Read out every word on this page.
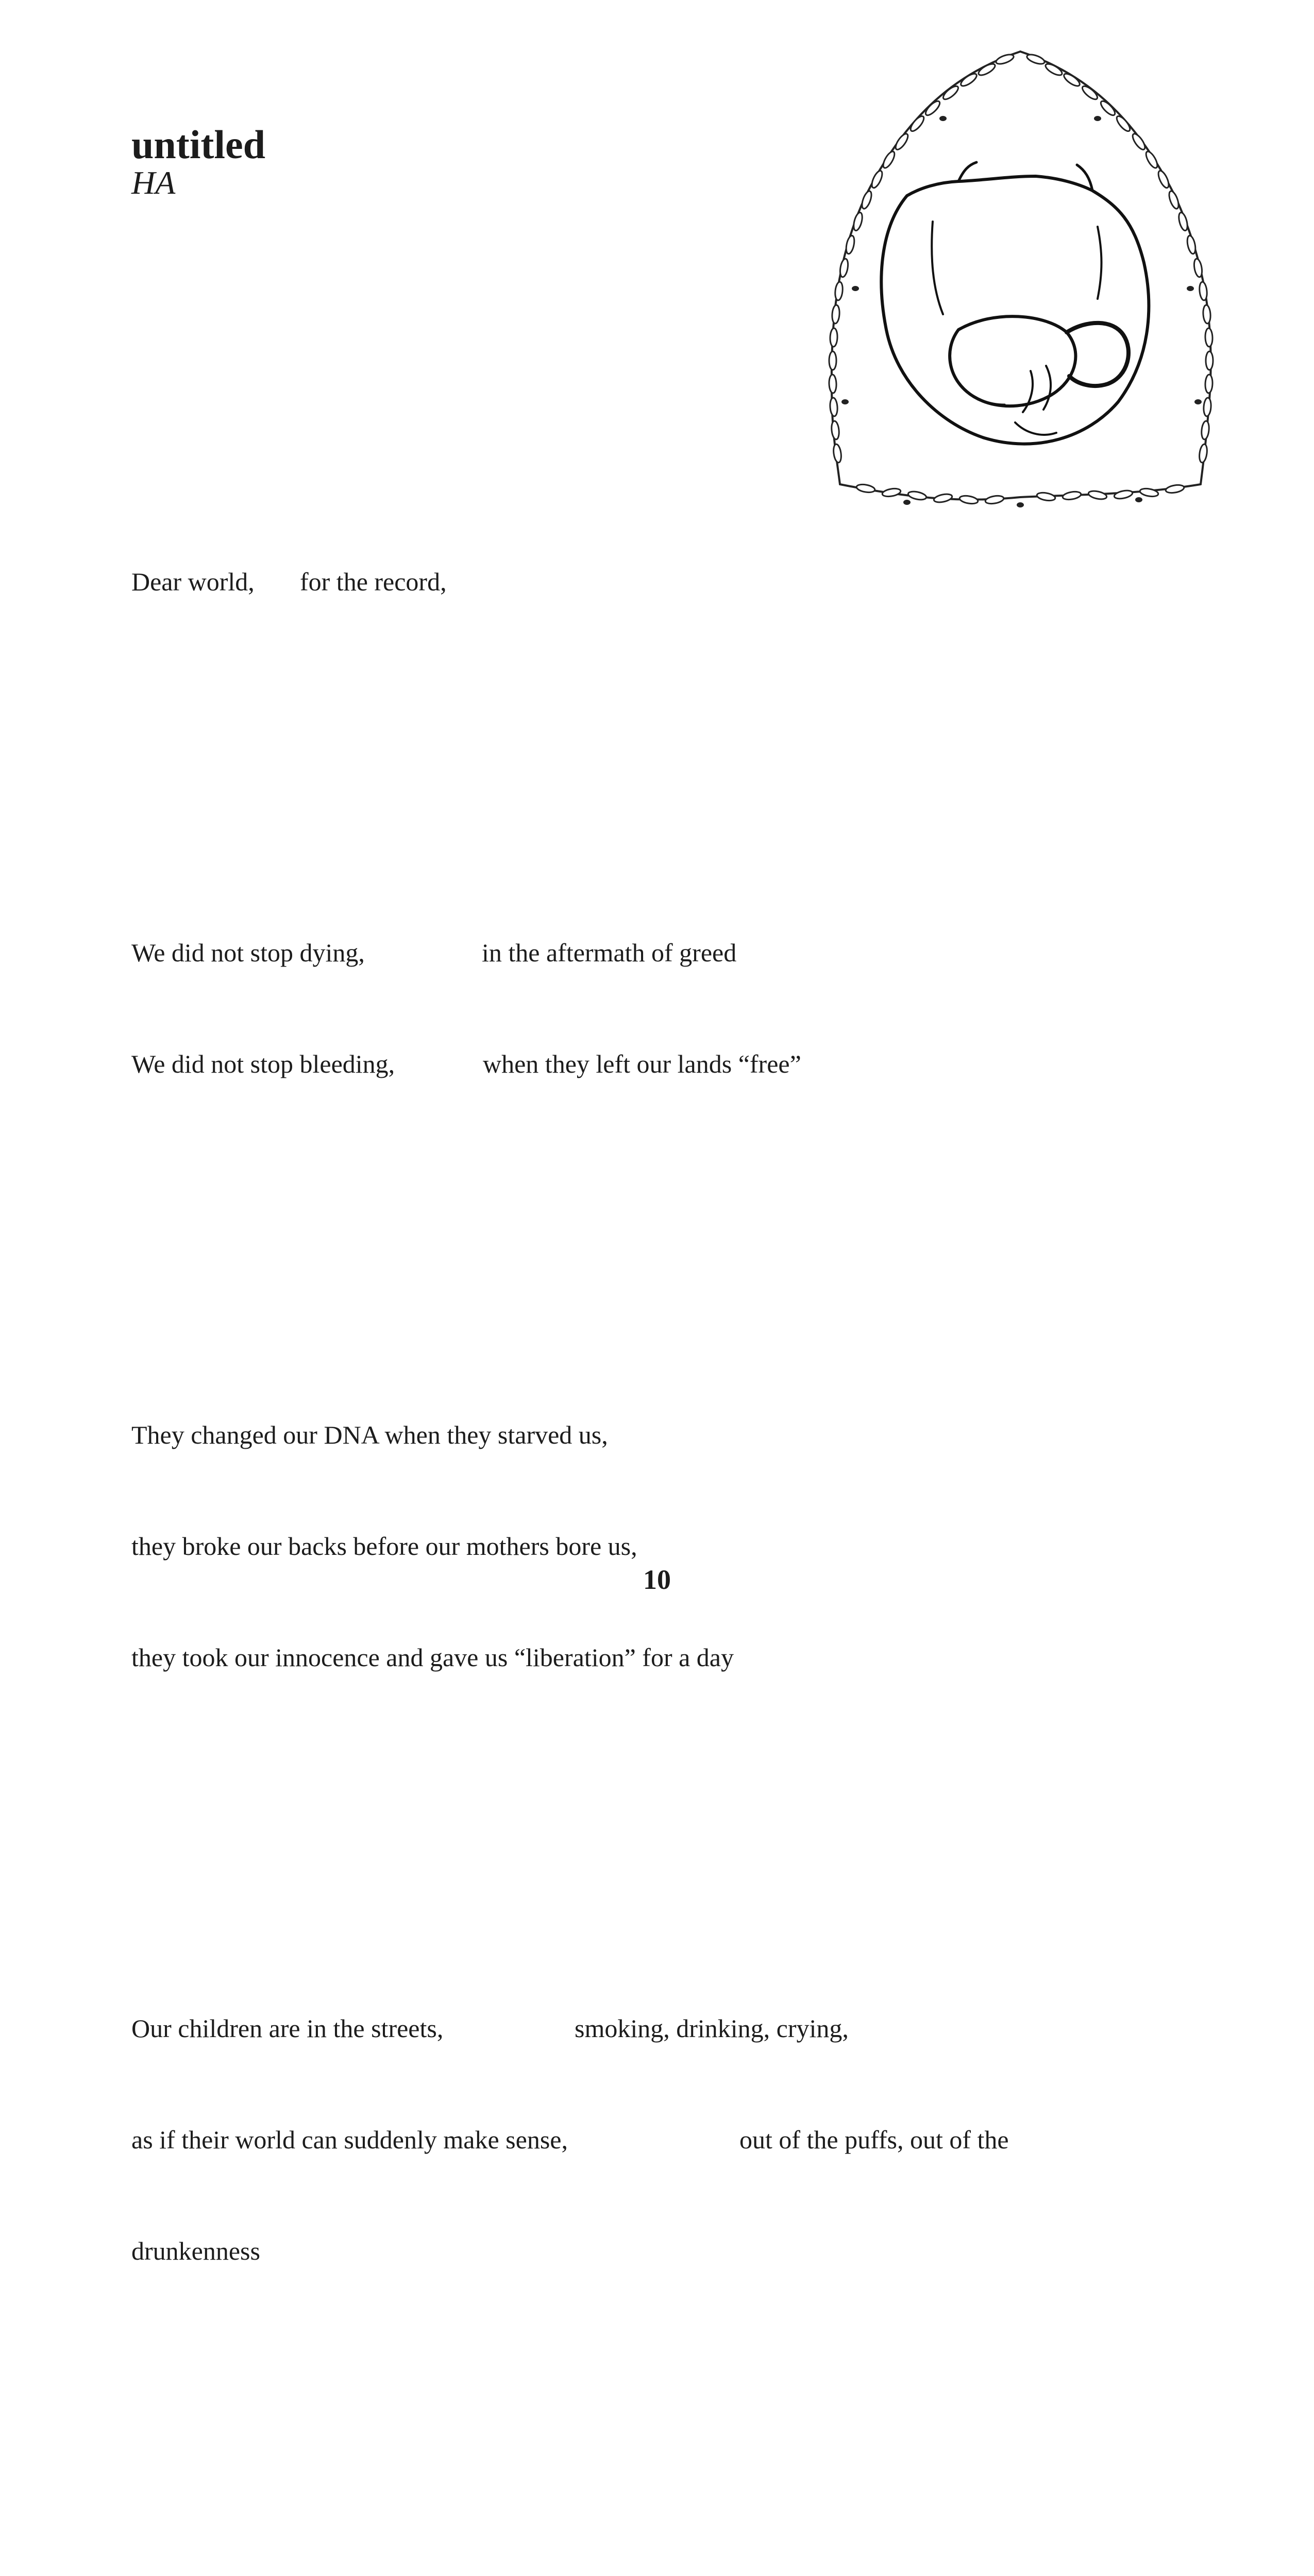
untitled
HA

Dear world,

for the record,

We did not stop dying,

	in the aftermath of greed

We did not stop bleeding,

	when they left our lands “free”

They changed our DNA when they starved us,

they broke our backs before our mothers bore us,

they took our innocence and gave us “liberation” for a day

Our children are in the streets,

	smoking, drinking, crying,

as if their world can suddenly make sense,

	out of the puffs, out of the

drunkenness

10
